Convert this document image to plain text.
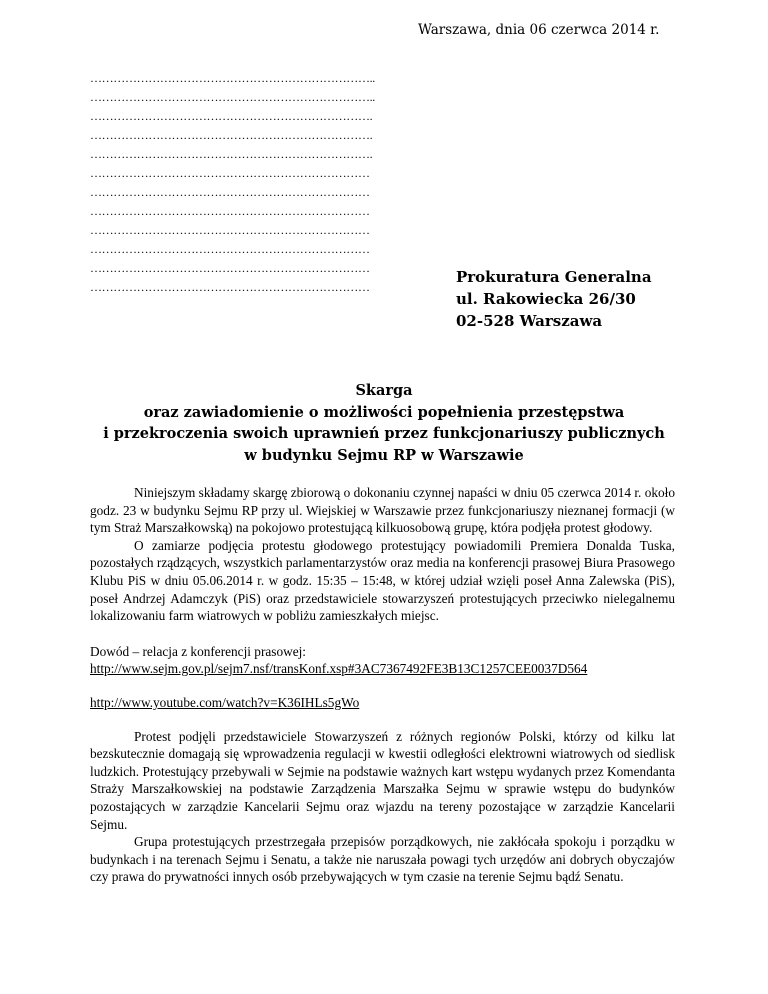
Warszawa, dnia 06 czerwca 2014 r.
………………………………………………………………..
………………………………………………………………..
……………………………………………………………….
……………………………………………………………….
……………………………………………………………….
………………………………………………………………
………………………………………………………………
………………………………………………………………
………………………………………………………………
………………………………………………………………
………………………………………………………………
………………………………………………………………
Prokuratura Generalna
ul. Rakowiecka 26/30
02-528 Warszawa
Skarga
oraz zawiadomienie o możliwości popełnienia przestępstwa
i przekroczenia swoich uprawnień przez funkcjonariuszy publicznych
w budynku Sejmu RP w Warszawie

Niniejszym składamy skargę zbiorową o dokonaniu czynnej napaści w dniu 05 czerwca 2014 r. około godz. 23 w budynku Sejmu RP przy ul. Wiejskiej w Warszawie przez funkcjonariuszy nieznanej formacji (w tym Straż Marszałkowską) na pokojowo protestującą kilkuosobową grupę, która podjęła protest głodowy.

O zamiarze podjęcia protestu głodowego protestujący powiadomili Premiera Donalda Tuska, pozostałych rządzących, wszystkich parlamentarzystów oraz media na konferencji prasowej Biura Prasowego Klubu PiS w dniu 05.06.2014 r. w godz. 15:35 – 15:48, w której udział wzięli poseł Anna Zalewska (PiS), poseł Andrzej Adamczyk (PiS) oraz przedstawiciele stowarzyszeń protestujących przeciwko nielegalnemu lokalizowaniu farm wiatrowych w pobliżu zamieszkałych miejsc.

Dowód – relacja z konferencji prasowej:

http://www.sejm.gov.pl/sejm7.nsf/transKonf.xsp#3AC7367492FE3B13C1257CEE0037D564

http://www.youtube.com/watch?v=K36IHLs5gWo

Protest podjęli przedstawiciele Stowarzyszeń z różnych regionów Polski, którzy od kilku lat bezskutecznie domagają się wprowadzenia regulacji w kwestii odległości elektrowni wiatrowych od siedlisk ludzkich. Protestujący przebywali w Sejmie na podstawie ważnych kart wstępu wydanych przez Komendanta Straży Marszałkowskiej na podstawie Zarządzenia Marszałka Sejmu w sprawie wstępu do budynków pozostających w zarządzie Kancelarii Sejmu oraz wjazdu na tereny pozostające w zarządzie Kancelarii Sejmu.

Grupa protestujących przestrzegała przepisów porządkowych, nie zakłócała spokoju i porządku w budynkach i na terenach Sejmu i Senatu, a także nie naruszała powagi tych urzędów ani dobrych obyczajów czy prawa do prywatności innych osób przebywających w tym czasie na terenie Sejmu bądź Senatu.
